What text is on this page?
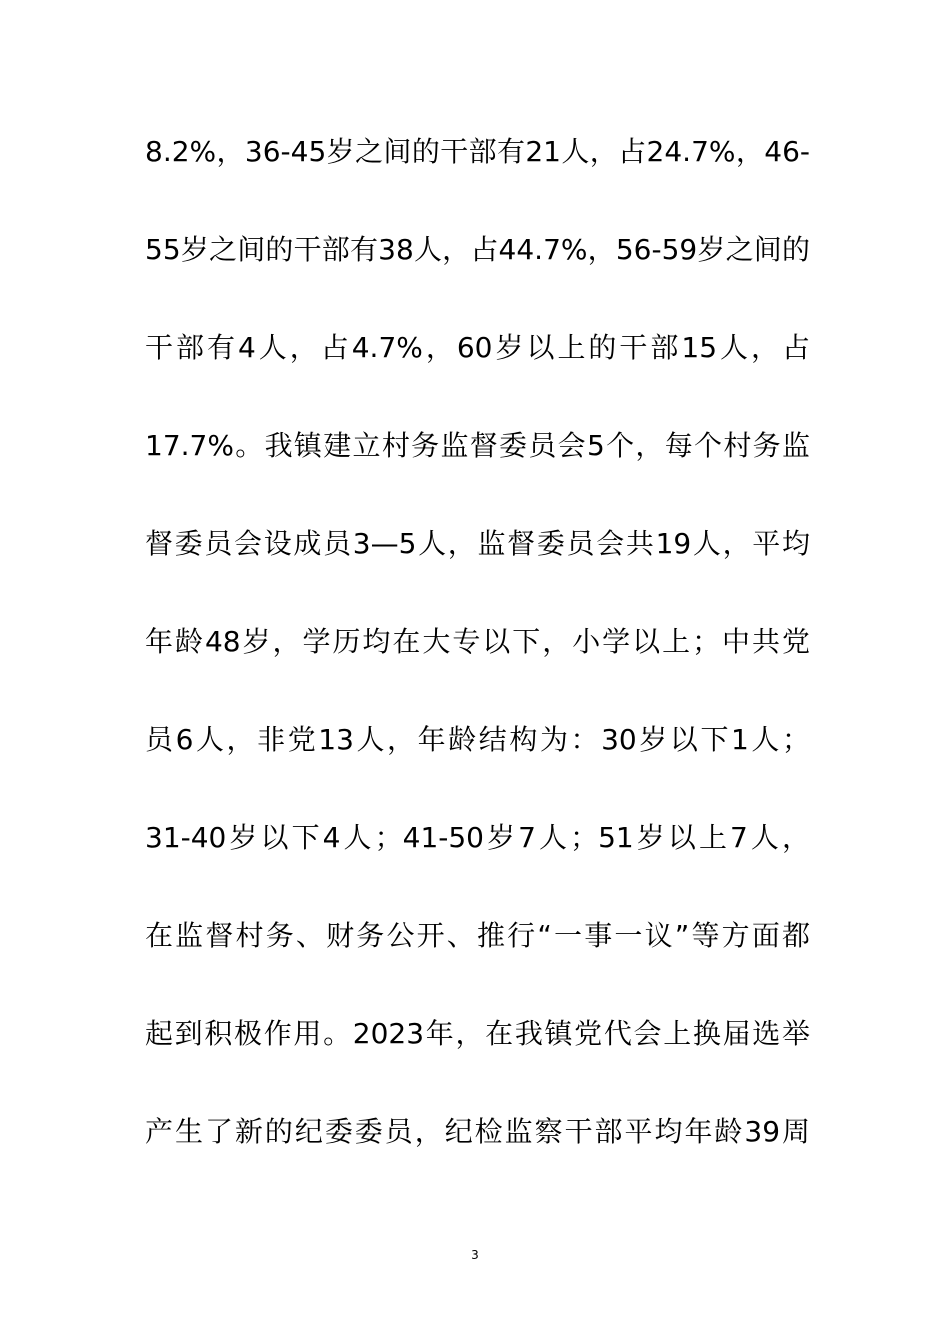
8.2%，36-45岁之间的干部有21人，占24.7%，46-
55岁之间的干部有38人，占44.7%，56-59岁之间的
干部有4人，占4.7%，60岁以上的干部15人，占
17.7%。我镇建立村务监督委员会5个，每个村务监
督委员会设成员3—5人，监督委员会共19人，平均
年龄48岁，学历均在大专以下，小学以上；中共党
员6人，非党13人，年龄结构为：30岁以下1人；
31-40岁以下4人；41-50岁7人；51岁以上7人，
在监督村务、财务公开、推行“一事一议”等方面都
起到积极作用。2023年，在我镇党代会上换届选举
产生了新的纪委委员，纪检监察干部平均年龄39周
3
